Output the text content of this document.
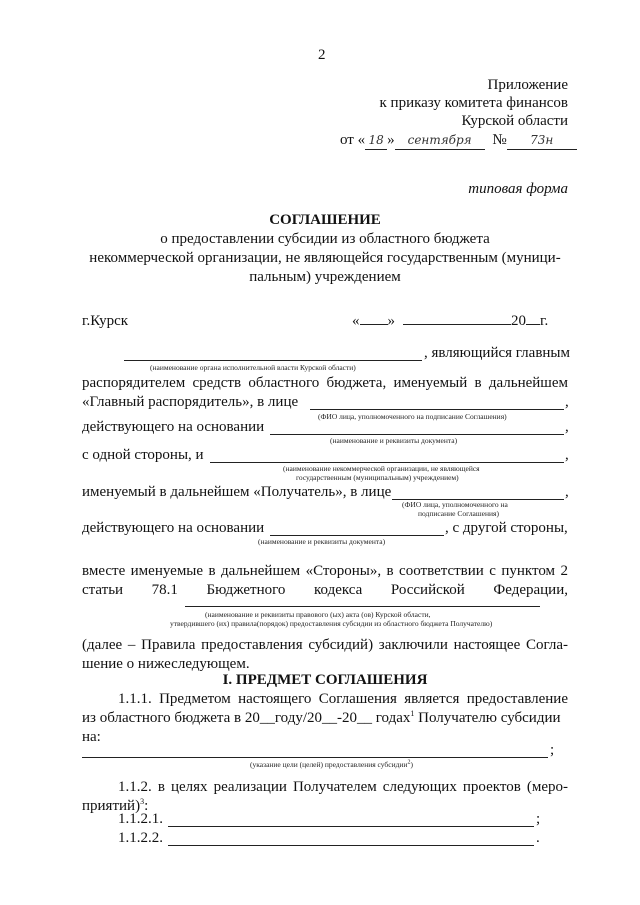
2
Приложение
к приказу комитета финансов
Курской области
от « 18 » сентября № 73н
типовая форма
СОГЛАШЕНИЕ
о предоставлении субсидии из областного бюджета
некоммерческой организации, не являющейся государственным (муници-
пальным) учреждением
г.Курск	« »	20 г.
, являющийся главным
(наименование органа исполнительной власти Курской области)
распорядителем средств областного бюджета, именуемый в дальнейшем
«Главный распорядитель», в лице	,
(ФИО лица, уполномоченного на подписание Соглашения)
действующего на основании	,
(наименование и реквизиты документа)
с одной стороны, и	,
(наименование некоммерческой организации, не являющейся
государственным (муниципальным) учреждением)
именуемый в дальнейшем «Получатель», в лице	,
(ФИО лица, уполномоченного на
подписание Соглашения)
действующего на основании	, с другой стороны,
(наименование и реквизиты документа)
вместе именуемые в дальнейшем «Стороны», в соответствии с пунктом 2
статьи 78.1 Бюджетного кодекса Российской Федерации,
(наименование и реквизиты правового (ых) акта (ов) Курской области,
утвердившего (их) правила(порядок) предоставления субсидии из областного бюджета Получателю)
(далее – Правила предоставления субсидий) заключили настоящее Согла-
шение о нижеследующем.
I. ПРЕДМЕТ СОГЛАШЕНИЯ
1.1.1. Предметом настоящего Соглашения является предоставление
из областного бюджета в 20__году/20__-20__ годах$^1$ Получателю субсидии
на:
;
(указание цели (целей) предоставления субсидии$^2$)
1.1.2. в целях реализации Получателем следующих проектов (меро-
приятий)$^3$:
1.1.2.1.	;
1.1.2.2.	.
